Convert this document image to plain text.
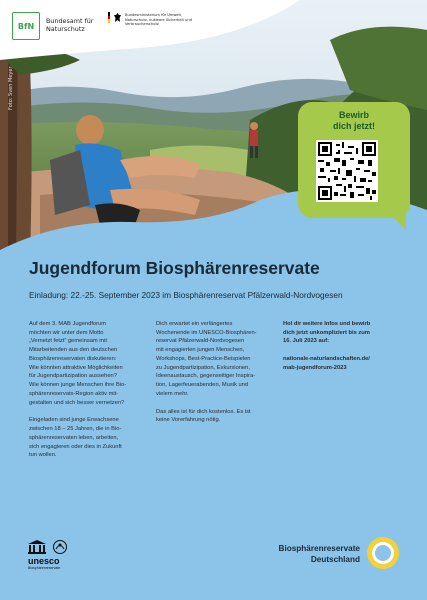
BfN
Bundesamt für Naturschutz
Bundesministerium für Umwelt, Naturschutz, nukleare Sicherheit und Verbraucherschutz
Foto: Sven Meyer
Bewirb
dich jetzt!
Jugendforum Biosphärenreservate

Einladung: 22.-25. September 2023 im Biosphärenreservat Pfälzerwald-Nordvogesen

Auf dem 3. MAB Jugendforum
möchten wir unter dem Motto
„Vernetzt fetzt“ gemeinsam mit
Mitarbeitenden aus den deutschen
Biosphärenreservaten diskutieren:
Wie könnten attraktive Möglichkeiten
für Jugendpartizipation aussehen?
Wie können junge Menschen ihre Bio-
sphärenreservats-Region aktiv mit-
gestalten und sich besser vernetzen?

Eingeladen sind junge Erwachsene
zwischen 18 – 25 Jahren, die in Bio-
sphärenreservaten leben, arbeiten,
sich engagieren oder dies in Zukunft
tun wollen.

Dich erwartet ein verlängertes
Wochenende im UNESCO-Biosphären-
reservat Pfälzerwald-Nordvogesen
mit engagierten jungen Menschen,
Workshops, Best-Practice-Beispielen
zu Jugendpartizipation, Exkursionen,
Ideenaustausch, gegenseitiger Inspira-
tion, Lagerfeuerabenden, Musik und
vielem mehr.

Das alles ist für dich kostenlos. Es ist
keine Vorerfahrung nötig.

Hol dir weitere Infos und bewirb
dich jetzt unkompliziert bis zum
16. Juli 2023 auf:

nationale-naturlandschaften.de/
mab-jugendforum-2023

unesco
Biosphärenreservate
Biosphärenreservate
Deutschland
